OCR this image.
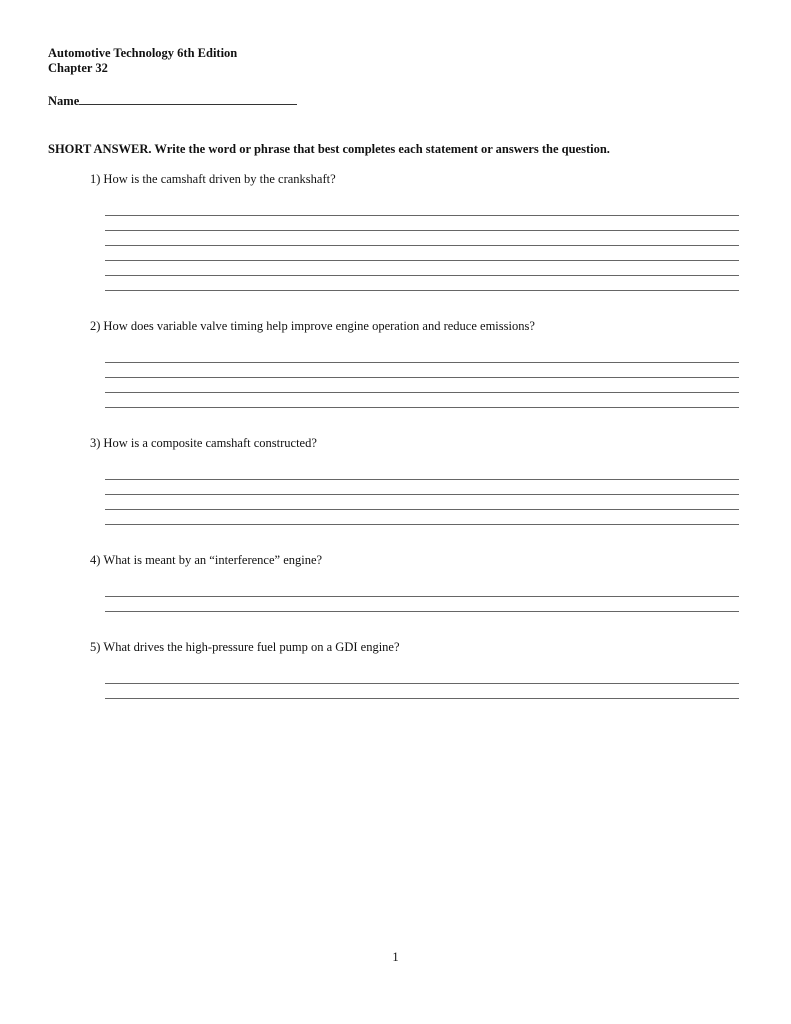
Automotive Technology 6th Edition
Chapter 32
Name
SHORT ANSWER. Write the word or phrase that best completes each statement or answers the question.
1) How is the camshaft driven by the crankshaft?
2) How does variable valve timing help improve engine operation and reduce emissions?
3) How is a composite camshaft constructed?
4) What is meant by an “interference” engine?
5) What drives the high-pressure fuel pump on a GDI engine?
1
